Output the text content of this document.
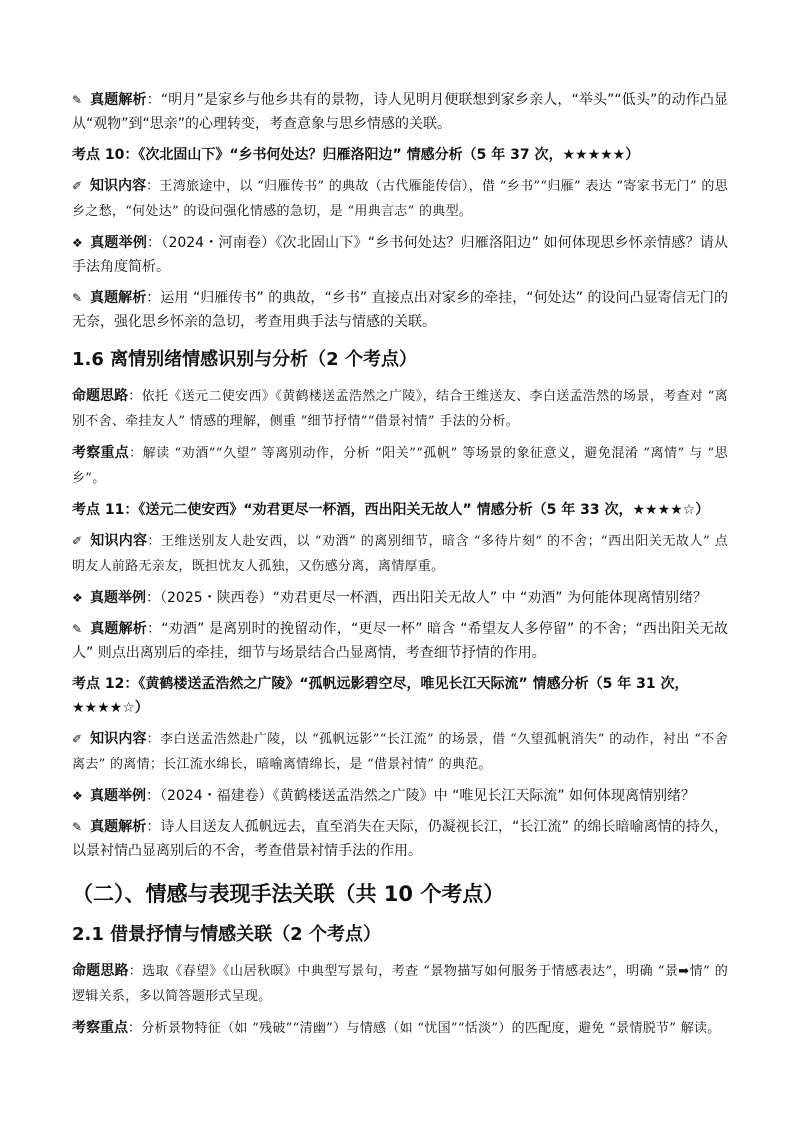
✎ 真题解析：“明月”是家乡与他乡共有的景物，诗人见明月便联想到家乡亲人，“举头”“低头”的动作凸显从“观物”到“思亲”的心理转变，考查意象与思乡情感的关联。

考点 10：《次北固山下》“乡书何处达？归雁洛阳边” 情感分析（5 年 37 次，★★★★★）

✐ 知识内容：王湾旅途中，以 “归雁传书” 的典故（古代雁能传信），借 “乡书”“归雁” 表达 “寄家书无门” 的思乡之愁，“何处达” 的设问强化情感的急切，是 “用典言志” 的典型。

❖ 真题举例：（2024・河南卷）《次北固山下》“乡书何处达？归雁洛阳边” 如何体现思乡怀亲情感？请从手法角度简析。

✎ 真题解析：运用 “归雁传书” 的典故，“乡书” 直接点出对家乡的牵挂，“何处达” 的设问凸显寄信无门的无奈，强化思乡怀亲的急切，考查用典手法与情感的关联。

1.6 离情别绪情感识别与分析（2 个考点）

命题思路：依托《送元二使安西》《黄鹤楼送孟浩然之广陵》，结合王维送友、李白送孟浩然的场景，考查对 “离别不舍、牵挂友人” 情感的理解，侧重 “细节抒情”“借景衬情” 手法的分析。

考察重点：解读 “劝酒”“久望” 等离别动作，分析 “阳关”“孤帆” 等场景的象征意义，避免混淆 “离情” 与 “思乡”。

考点 11：《送元二使安西》“劝君更尽一杯酒，西出阳关无故人” 情感分析（5 年 33 次，★★★★☆）

✐ 知识内容：王维送别友人赴安西，以 “劝酒” 的离别细节，暗含 “多待片刻” 的不舍；“西出阳关无故人” 点明友人前路无亲友，既担忧友人孤独，又伤感分离，离情厚重。

❖ 真题举例：（2025・陕西卷）“劝君更尽一杯酒，西出阳关无故人” 中 “劝酒” 为何能体现离情别绪？

✎ 真题解析：“劝酒” 是离别时的挽留动作，“更尽一杯” 暗含 “希望友人多停留” 的不舍；“西出阳关无故人” 则点出离别后的牵挂，细节与场景结合凸显离情，考查细节抒情的作用。

考点 12：《黄鹤楼送孟浩然之广陵》“孤帆远影碧空尽，唯见长江天际流” 情感分析（5 年 31 次，★★★★☆）

✐ 知识内容：李白送孟浩然赴广陵，以 “孤帆远影”“长江流” 的场景，借 “久望孤帆消失” 的动作，衬出 “不舍离去” 的离情；长江流水绵长，暗喻离情绵长，是 “借景衬情” 的典范。

❖ 真题举例：（2024・福建卷）《黄鹤楼送孟浩然之广陵》中 “唯见长江天际流” 如何体现离情别绪？

✎ 真题解析：诗人目送友人孤帆远去，直至消失在天际，仍凝视长江，“长江流” 的绵长暗喻离情的持久，以景衬情凸显离别后的不舍，考查借景衬情手法的作用。

（二）、情感与表现手法关联（共 10 个考点）
2.1 借景抒情与情感关联（2 个考点）

命题思路：选取《春望》《山居秋暝》中典型写景句，考查 “景物描写如何服务于情感表达”，明确 “景➡情” 的逻辑关系，多以简答题形式呈现。

考察重点：分析景物特征（如 “残破”“清幽”）与情感（如 “忧国”“恬淡”）的匹配度，避免 “景情脱节” 解读。
